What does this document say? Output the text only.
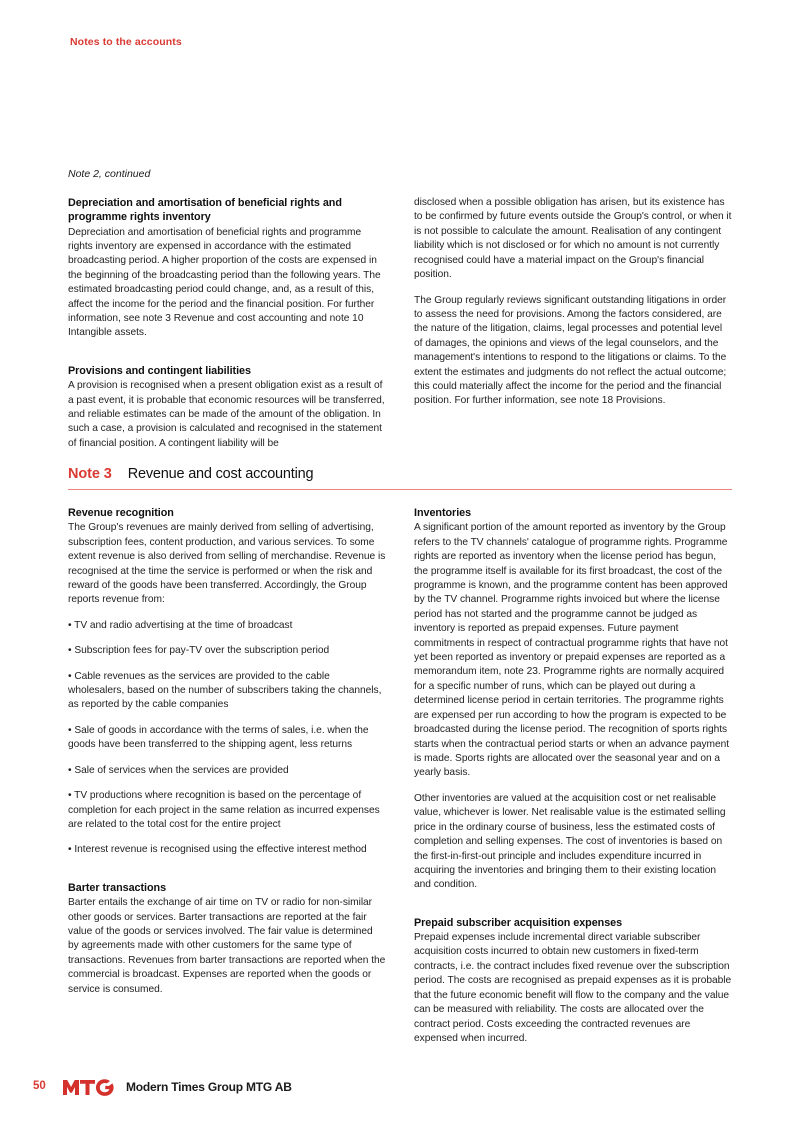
Notes to the accounts
Note 2, continued
Depreciation and amortisation of beneficial rights and programme rights inventory

Depreciation and amortisation of beneficial rights and programme rights inventory are expensed in accordance with the estimated broadcasting period. A higher proportion of the costs are expensed in the beginning of the broadcasting period than the following years. The estimated broadcasting period could change, and, as a result of this, affect the income for the period and the financial position. For further information, see note 3 Revenue and cost accounting and note 10 Intangible assets.

Provisions and contingent liabilities

A provision is recognised when a present obligation exist as a result of a past event, it is probable that economic resources will be transferred, and reliable estimates can be made of the amount of the obligation. In such a case, a provision is calculated and recognised in the statement of financial position. A contingent liability will be

disclosed when a possible obligation has arisen, but its existence has to be confirmed by future events outside the Group's control, or when it is not possible to calculate the amount. Realisation of any contingent liability which is not disclosed or for which no amount is not currently recognised could have a material impact on the Group's financial position.

The Group regularly reviews significant outstanding litigations in order to assess the need for provisions. Among the factors considered, are the nature of the litigation, claims, legal processes and potential level of damages, the opinions and views of the legal counselors, and the management's intentions to respond to the litigations or claims. To the extent the estimates and judgments do not reflect the actual outcome; this could materially affect the income for the period and the financial position. For further information, see note 18 Provisions.

Note 3 Revenue and cost accounting
Revenue recognition

The Group's revenues are mainly derived from selling of advertising, subscription fees, content production, and various services. To some extent revenue is also derived from selling of merchandise. Revenue is recognised at the time the service is performed or when the risk and reward of the goods have been transferred. Accordingly, the Group reports revenue from:

• TV and radio advertising at the time of broadcast

• Subscription fees for pay-TV over the subscription period

• Cable revenues as the services are provided to the cable wholesalers, based on the number of subscribers taking the channels, as reported by the cable companies

• Sale of goods in accordance with the terms of sales, i.e. when the goods have been transferred to the shipping agent, less returns

• Sale of services when the services are provided

• TV productions where recognition is based on the percentage of completion for each project in the same relation as incurred expenses are related to the total cost for the entire project

• Interest revenue is recognised using the effective interest method

Barter transactions

Barter entails the exchange of air time on TV or radio for non-similar other goods or services. Barter transactions are reported at the fair value of the goods or services involved. The fair value is determined by agreements made with other customers for the same type of transactions. Revenues from barter transactions are reported when the commercial is broadcast. Expenses are reported when the goods or service is consumed.

Inventories

A significant portion of the amount reported as inventory by the Group refers to the TV channels' catalogue of programme rights. Programme rights are reported as inventory when the license period has begun, the programme itself is available for its first broadcast, the cost of the programme is known, and the programme content has been approved by the TV channel. Programme rights invoiced but where the license period has not started and the programme cannot be judged as inventory is reported as prepaid expenses. Future payment commitments in respect of contractual programme rights that have not yet been reported as inventory or prepaid expenses are reported as a memorandum item, note 23. Programme rights are normally acquired for a specific number of runs, which can be played out during a determined license period in certain territories. The programme rights are expensed per run according to how the program is expected to be broadcasted during the license period. The recognition of sports rights starts when the contractual period starts or when an advance payment is made. Sports rights are allocated over the seasonal year and on a yearly basis.

Other inventories are valued at the acquisition cost or net realisable value, whichever is lower. Net realisable value is the estimated selling price in the ordinary course of business, less the estimated costs of completion and selling expenses. The cost of inventories is based on the first-in-first-out principle and includes expenditure incurred in acquiring the inventories and bringing them to their existing location and condition.

Prepaid subscriber acquisition expenses

Prepaid expenses include incremental direct variable subscriber acquisition costs incurred to obtain new customers in fixed-term contracts, i.e. the contract includes fixed revenue over the subscription period. The costs are recognised as prepaid expenses as it is probable that the future economic benefit will flow to the company and the value can be measured with reliability. The costs are allocated over the contract period. Costs exceeding the contracted revenues are expensed when incurred.

50	Modern Times Group MTG AB
